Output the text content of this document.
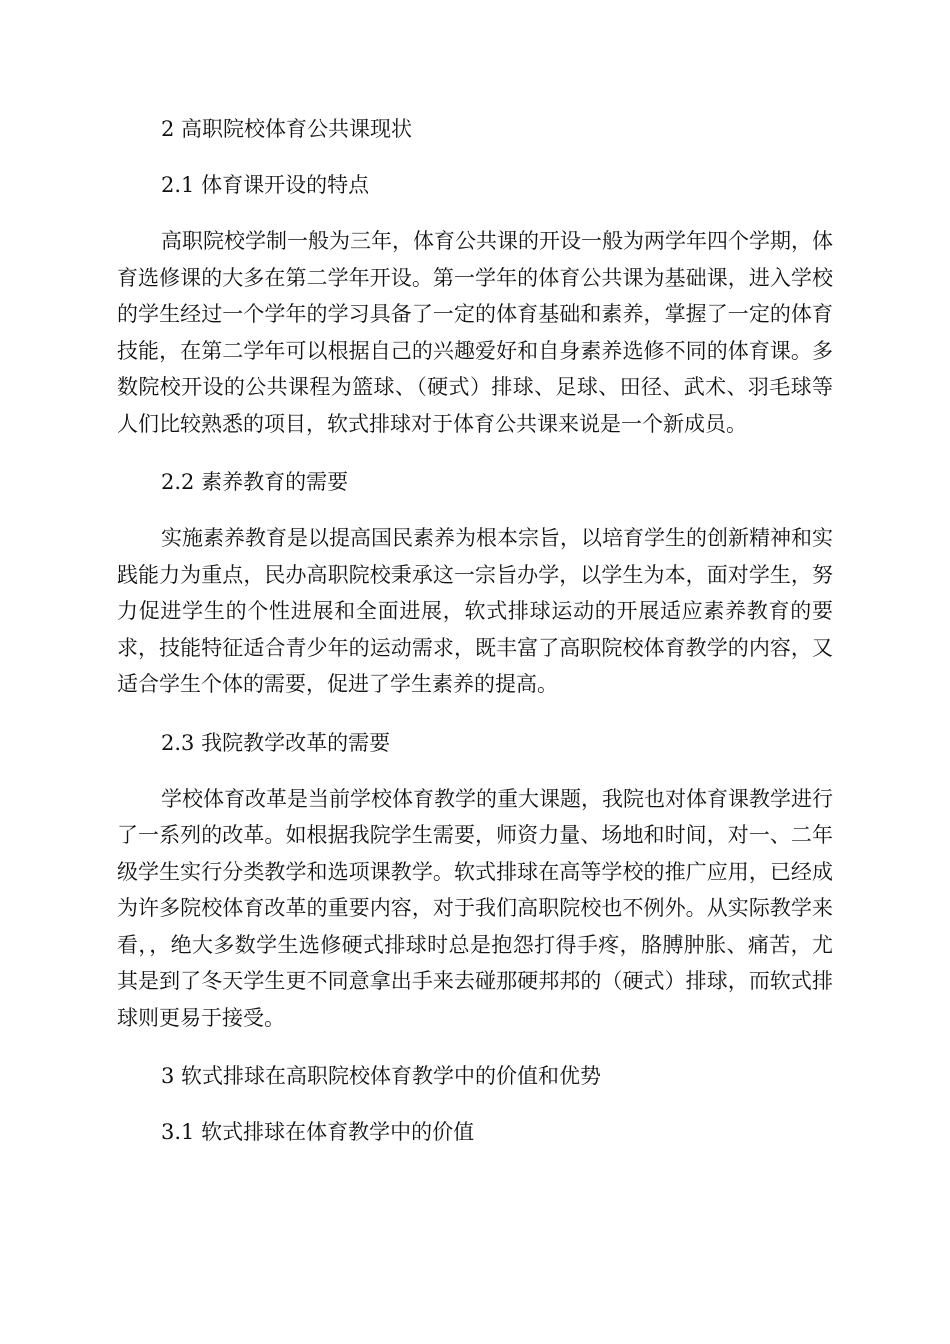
2 高职院校体育公共课现状

2.1 体育课开设的特点

高职院校学制一般为三年，体育公共课的开设一般为两学年四个学期，体育选修课的大多在第二学年开设。第一学年的体育公共课为基础课，进入学校的学生经过一个学年的学习具备了一定的体育基础和素养，掌握了一定的体育技能，在第二学年可以根据自己的兴趣爱好和自身素养选修不同的体育课。多数院校开设的公共课程为篮球、（硬式）排球、足球、田径、武术、羽毛球等人们比较熟悉的项目，软式排球对于体育公共课来说是一个新成员。

2.2 素养教育的需要

实施素养教育是以提高国民素养为根本宗旨，以培育学生的创新精神和实践能力为重点，民办高职院校秉承这一宗旨办学，以学生为本，面对学生，努力促进学生的个性进展和全面进展，软式排球运动的开展适应素养教育的要求，技能特征适合青少年的运动需求，既丰富了高职院校体育教学的内容，又适合学生个体的需要，促进了学生素养的提高。

2.3 我院教学改革的需要

学校体育改革是当前学校体育教学的重大课题，我院也对体育课教学进行了一系列的改革。如根据我院学生需要，师资力量、场地和时间，对一、二年级学生实行分类教学和选项课教学。软式排球在高等学校的推广应用，已经成为许多院校体育改革的重要内容，对于我们高职院校也不例外。从实际教学来看，，绝大多数学生选修硬式排球时总是抱怨打得手疼，胳膊肿胀、痛苦，尤其是到了冬天学生更不同意拿出手来去碰那硬邦邦的（硬式）排球，而软式排球则更易于接受。

3 软式排球在高职院校体育教学中的价值和优势

3.1 软式排球在体育教学中的价值
